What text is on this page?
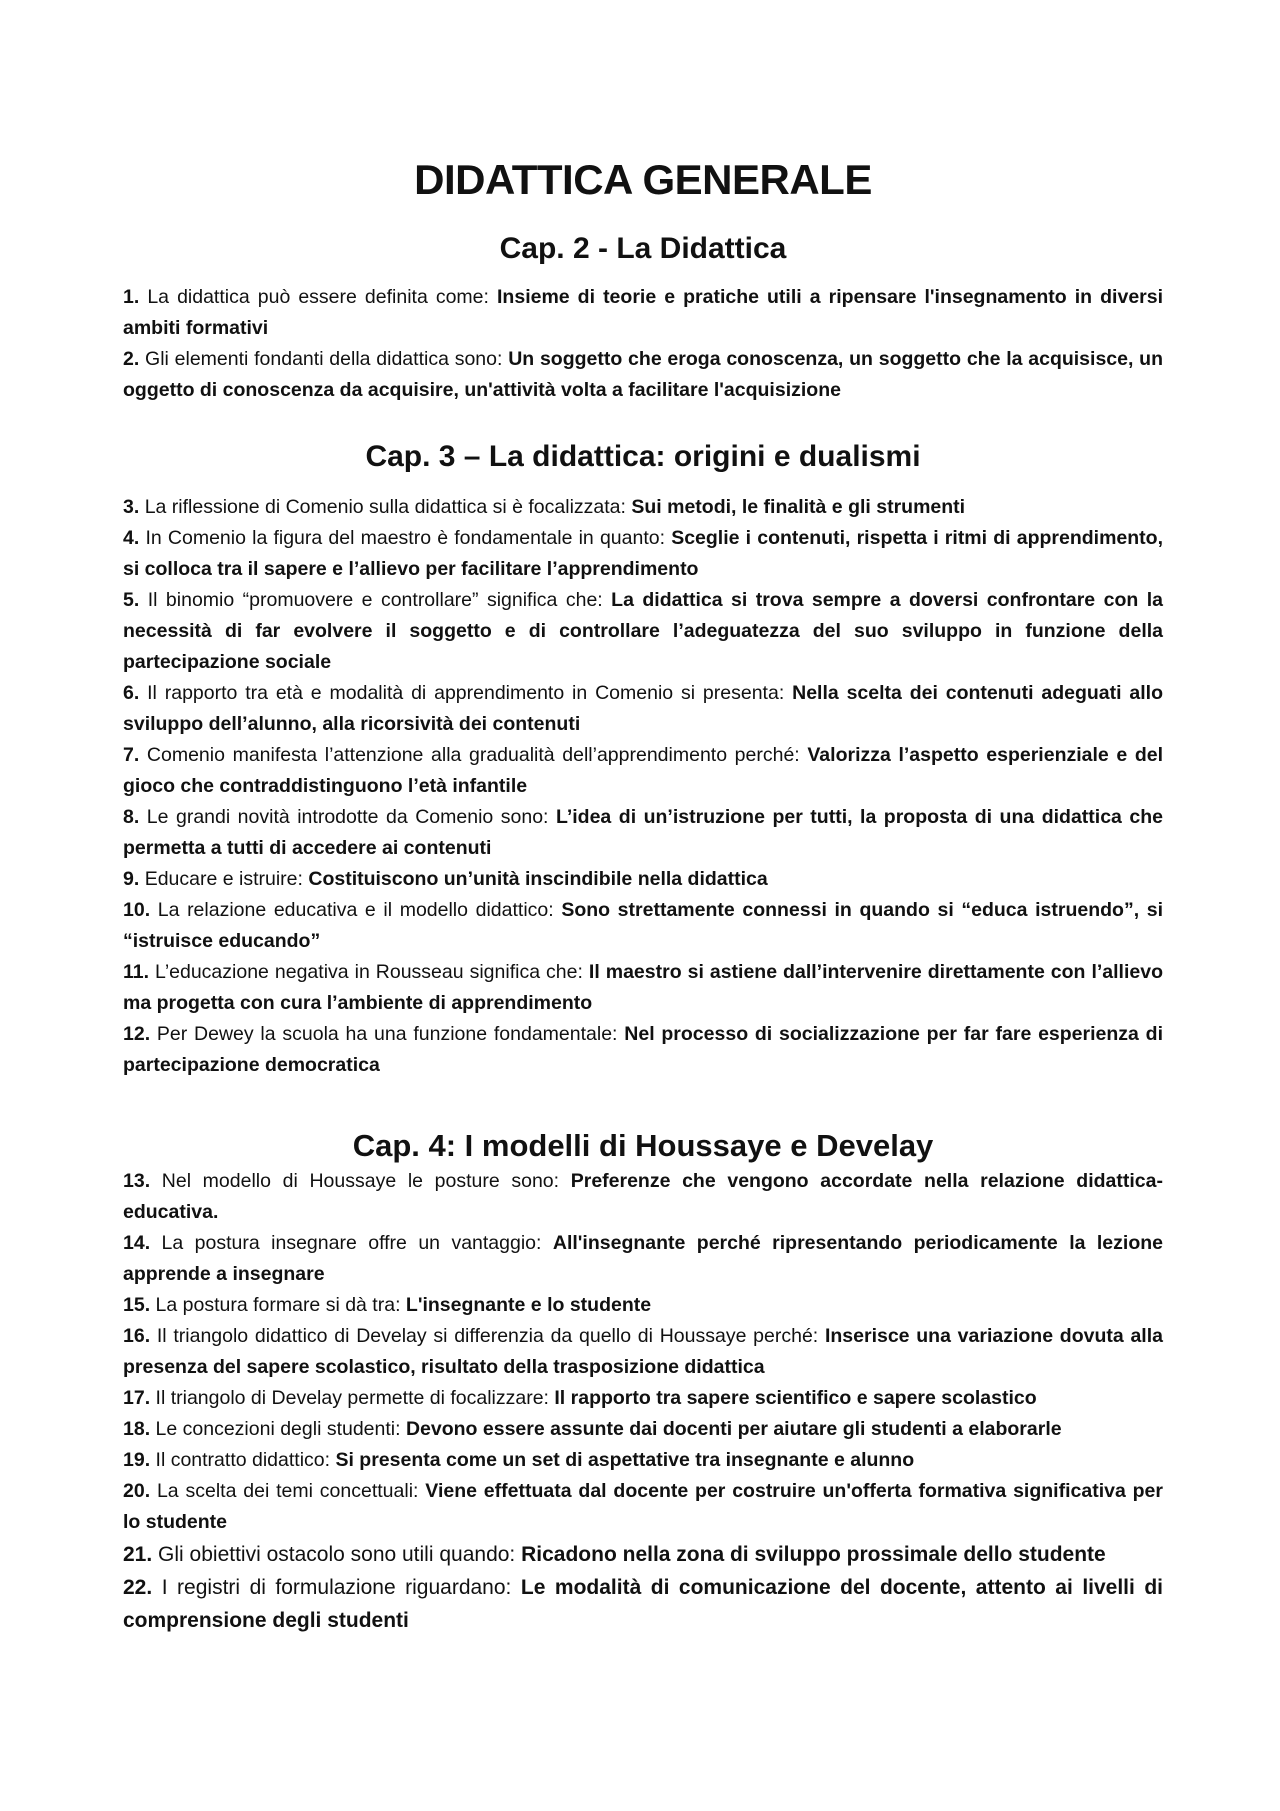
DIDATTICA GENERALE
Cap. 2 - La Didattica

1. La didattica può essere definita come: Insieme di teorie e pratiche utili a ripensare l'insegnamento in diversi ambiti formativi

2. Gli elementi fondanti della didattica sono: Un soggetto che eroga conoscenza, un soggetto che la acquisisce, un oggetto di conoscenza da acquisire, un'attività volta a facilitare l'acquisizione

Cap. 3 – La didattica: origini e dualismi

3. La riflessione di Comenio sulla didattica si è focalizzata: Sui metodi, le finalità e gli strumenti

4. In Comenio la figura del maestro è fondamentale in quanto: Sceglie i contenuti, rispetta i ritmi di apprendimento, si colloca tra il sapere e l’allievo per facilitare l’apprendimento

5. Il binomio “promuovere e controllare” significa che: La didattica si trova sempre a doversi confrontare con la necessità di far evolvere il soggetto e di controllare l’adeguatezza del suo sviluppo in funzione della partecipazione sociale

6. Il rapporto tra età e modalità di apprendimento in Comenio si presenta: Nella scelta dei contenuti adeguati allo sviluppo dell’alunno, alla ricorsività dei contenuti

7. Comenio manifesta l’attenzione alla gradualità dell’apprendimento perché: Valorizza l’aspetto esperienziale e del gioco che contraddistinguono l’età infantile

8. Le grandi novità introdotte da Comenio sono: L’idea di un’istruzione per tutti, la proposta di una didattica che permetta a tutti di accedere ai contenuti

9. Educare e istruire: Costituiscono un’unità inscindibile nella didattica

10. La relazione educativa e il modello didattico: Sono strettamente connessi in quando si “educa istruendo”, si “istruisce educando”

11. L’educazione negativa in Rousseau significa che: Il maestro si astiene dall’intervenire direttamente con l’allievo ma progetta con cura l’ambiente di apprendimento

12. Per Dewey la scuola ha una funzione fondamentale: Nel processo di socializzazione per far fare esperienza di partecipazione democratica

Cap. 4: I modelli di Houssaye e Develay

13. Nel modello di Houssaye le posture sono: Preferenze che vengono accordate nella relazione didattica-educativa.

14. La postura insegnare offre un vantaggio: All'insegnante perché ripresentando periodicamente la lezione apprende a insegnare

15. La postura formare si dà tra: L'insegnante e lo studente

16. Il triangolo didattico di Develay si differenzia da quello di Houssaye perché: Inserisce una variazione dovuta alla presenza del sapere scolastico, risultato della trasposizione didattica

17. Il triangolo di Develay permette di focalizzare: Il rapporto tra sapere scientifico e sapere scolastico

18. Le concezioni degli studenti: Devono essere assunte dai docenti per aiutare gli studenti a elaborarle

19. Il contratto didattico: Si presenta come un set di aspettative tra insegnante e alunno

20. La scelta dei temi concettuali: Viene effettuata dal docente per costruire un'offerta formativa significativa per lo studente

21. Gli obiettivi ostacolo sono utili quando: Ricadono nella zona di sviluppo prossimale dello studente

22. I registri di formulazione riguardano: Le modalità di comunicazione del docente, attento ai livelli di comprensione degli studenti
